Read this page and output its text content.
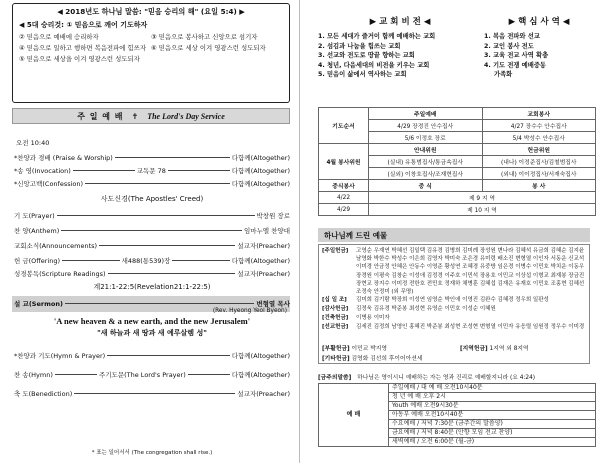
◀ 2018년도 하나님 말씀: "믿음 승리의 해" (요일 5:4) ▶
◀ 5대 승리것: ① 믿음으로 깨어 기도하자
② 믿음으로 예배에 승리하자	③ 믿음으로 봉사하고 신앙으로 섬기자
④ 믿음으로 일하고 행하면 복음전파에 힘쓰자 ⑥ 믿음으로 세상 이겨 영광스런 성도되자
⑤ 믿음으로 세상을 이겨 영광스런 성도되자
주 일 예 배 ✝ The Lord's Day Service
오전 10:40
*찬양과 경배 (Praise & Worship)	다함께(Altogether)
*송 영(Invocation)	교독문 78	다함께(Altogether)
*신앙고백(Confession)	다함께(Altogether)
사도신경(The Apostles' Creed)
기 도(Prayer)	박창원 장로
찬 양(Anthem)	임마누엘 찬양대
교회소식(Announcements)	설교자(Preacher)
헌 금(Offering)	새488(통539)장	다함께(Altogether)
성경봉독(Scripture Readings)	설교자(Preacher)
계21:1-22:5(Revelation21:1-22:5)
설 교(Sermon)	변형열 목사
(Rev. Hyeong Yeol Byeon)
'A new heaven & a new earth, and the new Jerusalem'
"새 하늘과 새 땅과 새 예루살렘 성"
*찬양과 기도(Hymn & Prayer)	다함께(Altogether)
찬 송(Hymn)	주기도문(The Lord's Prayer)	다함께(Altogether)
축 도(Benediction)	설교자(Preacher)
* 표는 일어서서 (The congregation shall rise.)
▶ 교 회 비 전 ◀	▶ 핵 심 사 역 ◀
1. 모든 세대가 즐거이 함께 예배하는 교회
2. 섬김과 나눔을 힘쓰는 교회
3. 선교와 전도로 땅끝 향하는 교회
4. 청년, 다음세대의 비전을 키우는 교회
5. 믿음이 삶에서 역사하는 교회
1. 복음 전파와 선교
2. 교인 봉사 전도
3. 교육 전교 사역 확충
4. 기도 전쟁 예배중동
가족화
기도순서	주일예배	교회봉사
	4/29 장경진 안수집사	4/27 장수수 안수집사
	5/6 이정호 장로	5/4 박성수 안수집사
4월 봉사위원	안내위원	헌금위원
	(실내) 유통범집사/통금속집사	(내나) 이정준집사/김철범집사
	(실외) 이창호집사/조재현집사	(외내) 이이정집사/서재숙집사
중식봉사	중 식	봉 사
4/22	제 9 지 역	
4/29	제 10 지 역	
하나님께 드린 예물
[주일헌금]	고영순 우재연 박혜선 김일택 김유경 김병희 김미례 장성원 변나라 김혜석 유금희 김혜순 김지윤 남영화 박한수 박성수 이은희 김영자 박미숙 조은경 유미령 배소진 변형열 이인자 서동운 신교석 이미경 안금정 안혜은 안동수 이영준 황성연 조혜경 유중방 임은경 이병수 이민호 박치운 이동우 장경원 이평숙 김창순 이성애 김정경 이주호 이민석 장용호 이민교 이상섭 이형교 최재봉 장금진 장현교 장지수 이미정 전한호 전민호 정재하 채병훈 김혜섭 김재은 유재호 이민호 조홍현 김혜선 조정숙 안정미 (외 무명)
[십 일 조]	김미희 김기람 박장희 이성연 임영순 박인애 이영진 김완수 김혜경 정우희 일판성
[감사헌금]	김정욱 김유경 박준봉 최성현 유영순 이민호 이성순 이혜원
[건축헌금]	이병용 이미자
[선교헌금]	김세진 김정희 남영인 홍혜진 박준봉 최성현 조성현 변형열 이민자 유응렬 임원정 정우수 이미경
[부활헌금] 이민교 박지영	[지역헌금] 1지역 외 8지역
[기타헌금] 김영화 김선희 후이어아션세
[금주의말씀] 하나님은 영이시니 예배하는 자는 영과 진리로 예배할지니라 (요 4:24)
예 배	주일예배 / 대 예 배 오전10시40분
청 년 예 배 오후 2시
Youth 예배 오전9시30분
아동부 예배 오전10시40분
수요예배 / 저녁 7:30분 (금주간의 말씀양)
금요예배 / 저녁 8:40분 (안향 모임 전교 찬양)
새벽예배 / 오전 6:00분 (월-금)
